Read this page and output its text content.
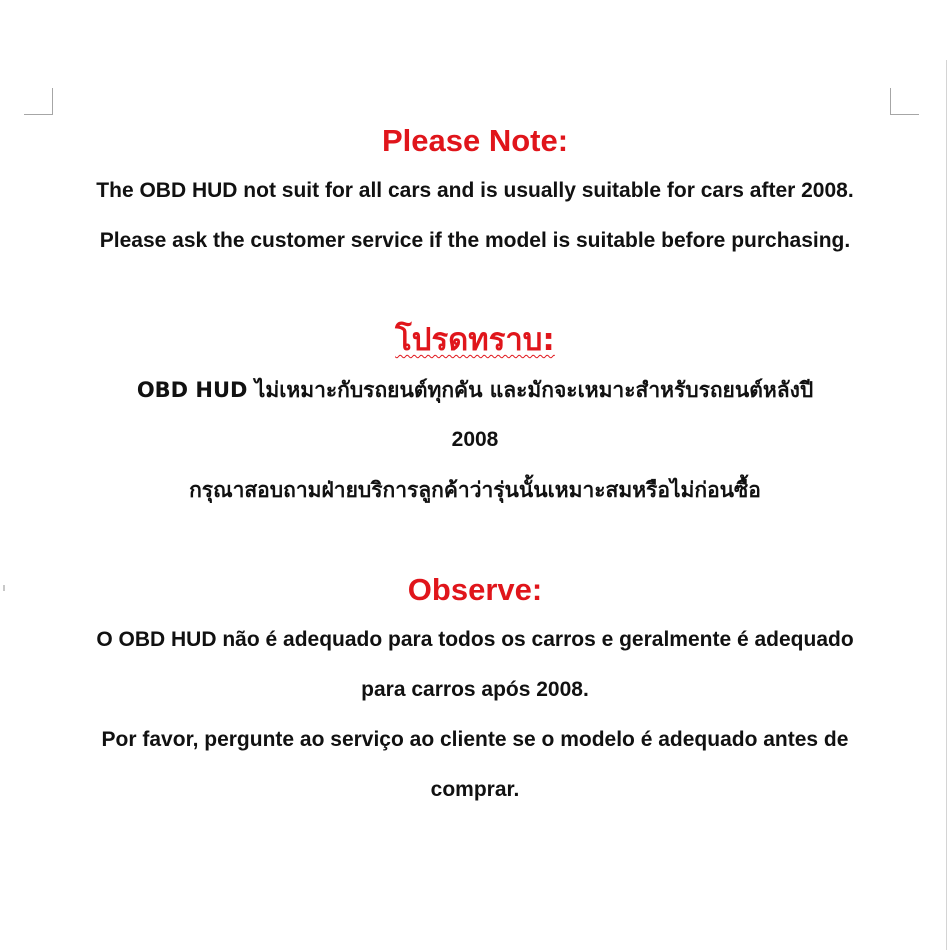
Please Note:

The OBD HUD not suit for all cars and is usually suitable for cars after 2008.

Please ask the customer service if the model is suitable before purchasing.

โปรดทราบ:

OBD HUD ไม่เหมาะกับรถยนต์ทุกคัน และมักจะเหมาะสำหรับรถยนต์หลังปี

2008

กรุณาสอบถามฝ่ายบริการลูกค้าว่ารุ่นนั้นเหมาะสมหรือไม่ก่อนซื้อ

Observe:

O OBD HUD não é adequado para todos os carros e geralmente é adequado

para carros após 2008.

Por favor, pergunte ao serviço ao cliente se o modelo é adequado antes de

comprar.
